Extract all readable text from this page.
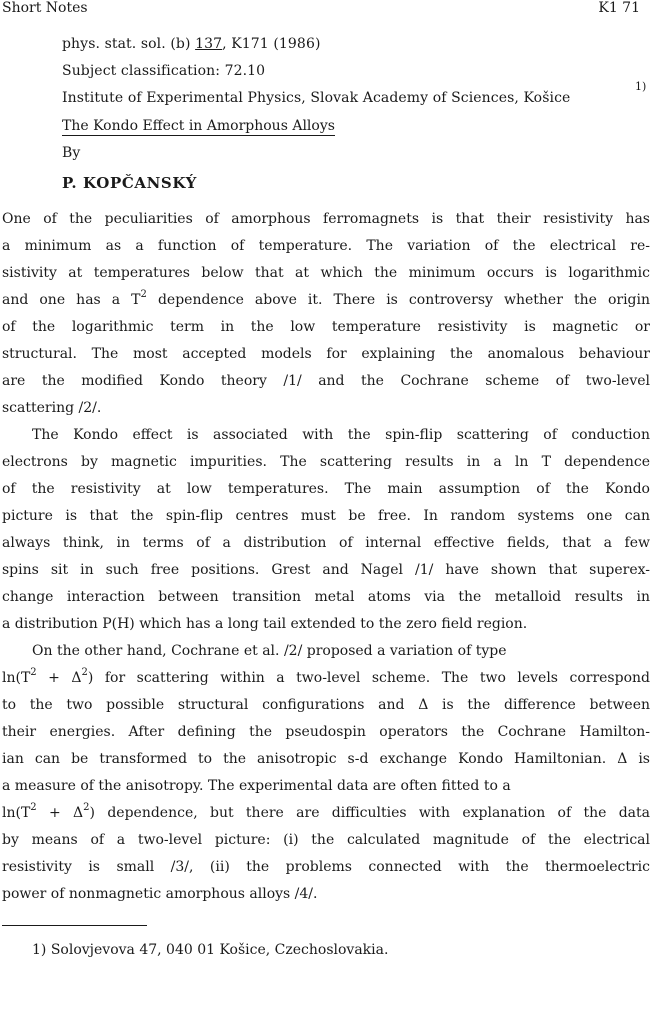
Short Notes	K1 71
phys. stat. sol. (b) 137, K171 (1986)
Subject classification: 72.10
Institute of Experimental Physics, Slovak Academy of Sciences, Košice
1)
The Kondo Effect in Amorphous Alloys
By
P. KOPČANSKÝ
One of the peculiarities of amorphous ferromagnets is that their resistivity has
a minimum as a function of temperature. The variation of the electrical re-
sistivity at temperatures below that at which the minimum occurs is logarithmic
and one has a $T^2$ dependence above it. There is controversy whether the origin
of the logarithmic term in the low temperature resistivity is magnetic or
structural. The most accepted models for explaining the anomalous behaviour
are the modified Kondo theory /1/ and the Cochrane scheme of two-level
scattering /2/.
The Kondo effect is associated with the spin-flip scattering of conduction
electrons by magnetic impurities. The scattering results in a ln T dependence
of the resistivity at low temperatures. The main assumption of the Kondo
picture is that the spin-flip centres must be free. In random systems one can
always think, in terms of a distribution of internal effective fields, that a few
spins sit in such free positions. Grest and Nagel /1/ have shown that superex-
change interaction between transition metal atoms via the metalloid results in
a distribution P(H) which has a long tail extended to the zero field region.
On the other hand, Cochrane et al. /2/ proposed a variation of type
$\ln(T^2 + \Delta^2)$ for scattering within a two-level scheme. The two levels correspond
to the two possible structural configurations and Δ is the difference between
their energies. After defining the pseudospin operators the Cochrane Hamilton-
ian can be transformed to the anisotropic s-d exchange Kondo Hamiltonian. Δ is
a measure of the anisotropy. The experimental data are often fitted to a
$\ln(T^2 + \Delta^2)$ dependence, but there are difficulties with explanation of the data
by means of a two-level picture: (i) the calculated magnitude of the electrical
resistivity is small /3/, (ii) the problems connected with the thermoelectric
power of nonmagnetic amorphous alloys /4/.
1) Solovjevova 47, 040 01 Košice, Czechoslovakia.
